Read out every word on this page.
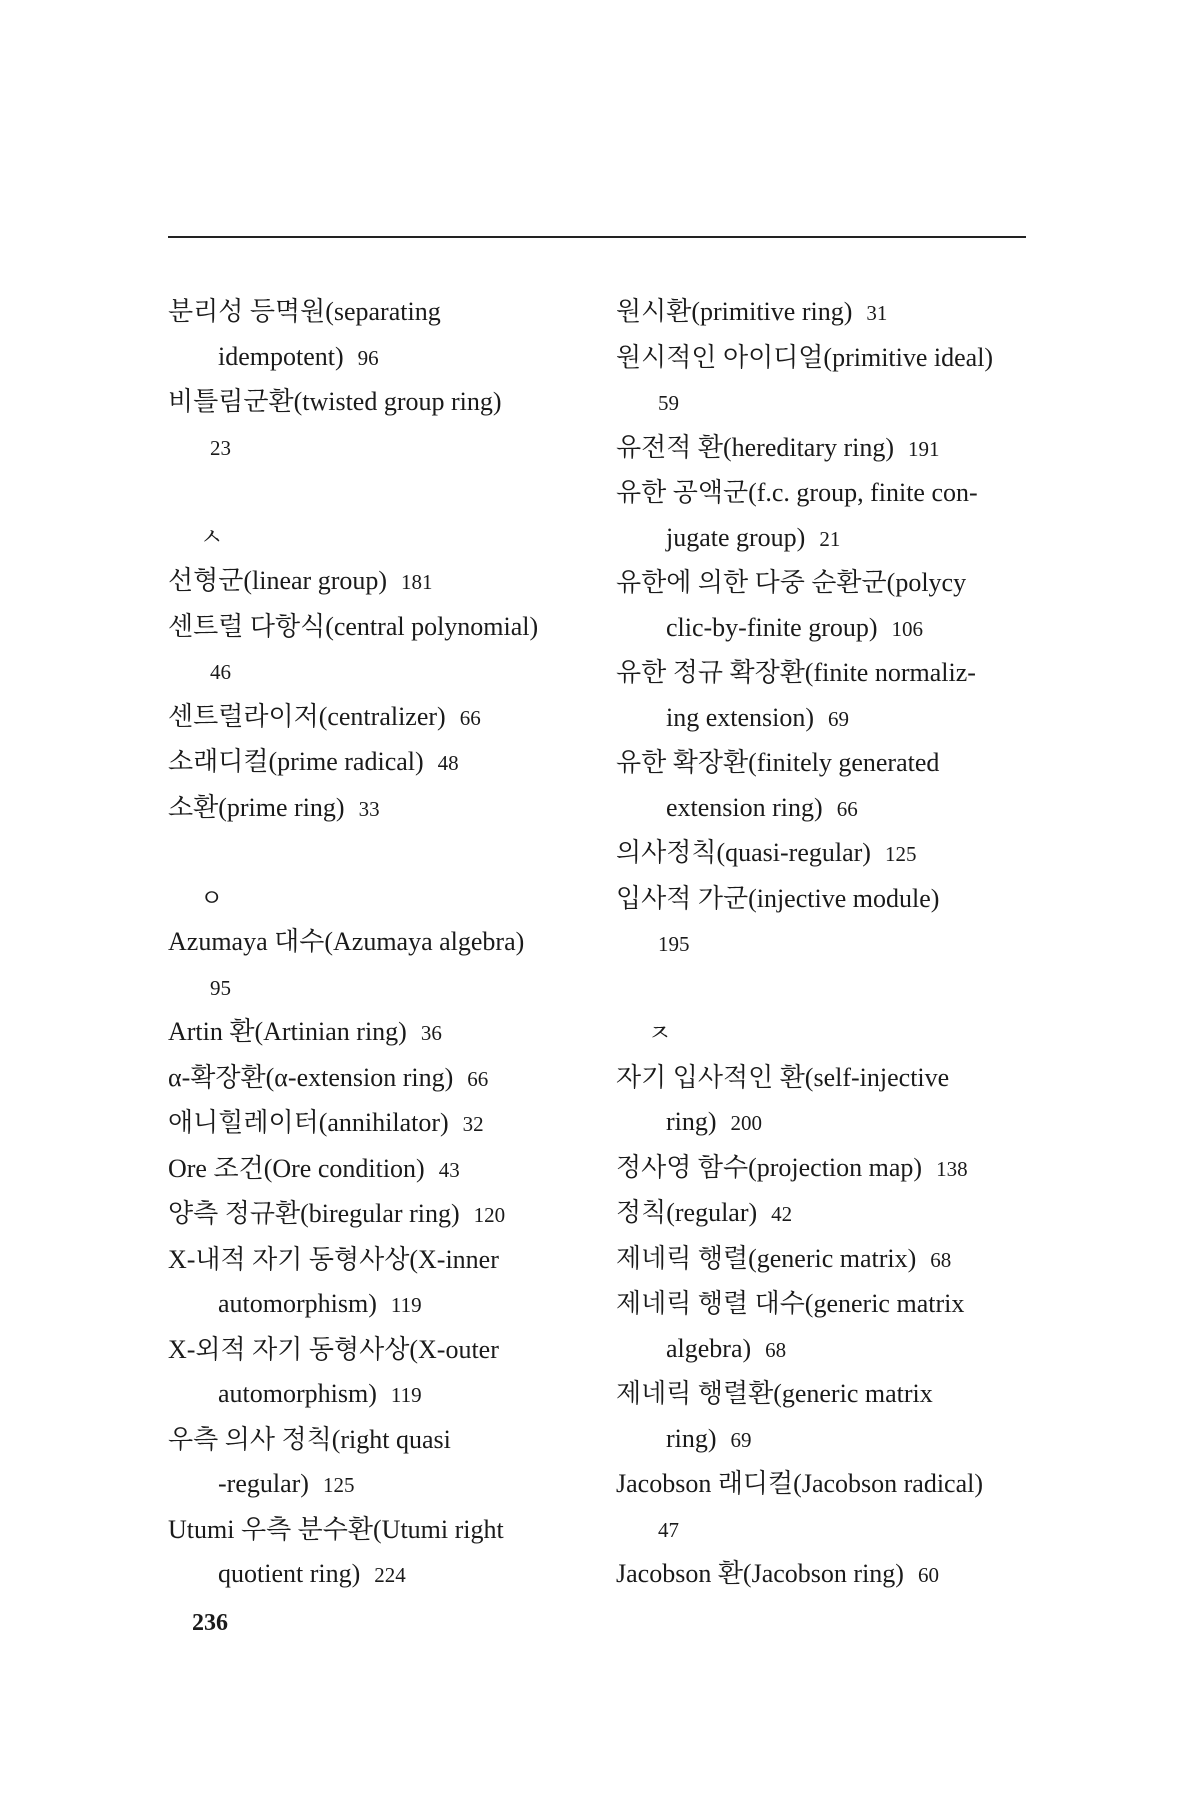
분리성 등멱원(separating
idempotent) 96
비틀림군환(twisted group ring)
23
ㅅ
선형군(linear group) 181
센트럴 다항식(central polynomial)
46
센트럴라이저(centralizer) 66
소래디컬(prime radical) 48
소환(prime ring) 33
ㅇ
Azumaya 대수(Azumaya algebra)
95
Artin 환(Artinian ring) 36
α-확장환(α-extension ring) 66
애니힐레이터(annihilator) 32
Ore 조건(Ore condition) 43
양측 정규환(biregular ring) 120
X-내적 자기 동형사상(X-inner
automorphism) 119
X-외적 자기 동형사상(X-outer
automorphism) 119
우측 의사 정칙(right quasi
-regular) 125
Utumi 우측 분수환(Utumi right
quotient ring) 224
원시환(primitive ring) 31
원시적인 아이디얼(primitive ideal)
59
유전적 환(hereditary ring) 191
유한 공액군(f.c. group, finite con-
jugate group) 21
유한에 의한 다중 순환군(polycy
clic-by-finite group) 106
유한 정규 확장환(finite normaliz-
ing extension) 69
유한 확장환(finitely generated
extension ring) 66
의사정칙(quasi-regular) 125
입사적 가군(injective module)
195
ㅈ
자기 입사적인 환(self-injective
ring) 200
정사영 함수(projection map) 138
정칙(regular) 42
제네릭 행렬(generic matrix) 68
제네릭 행렬 대수(generic matrix
algebra) 68
제네릭 행렬환(generic matrix
ring) 69
Jacobson 래디컬(Jacobson radical)
47
Jacobson 환(Jacobson ring) 60
236
